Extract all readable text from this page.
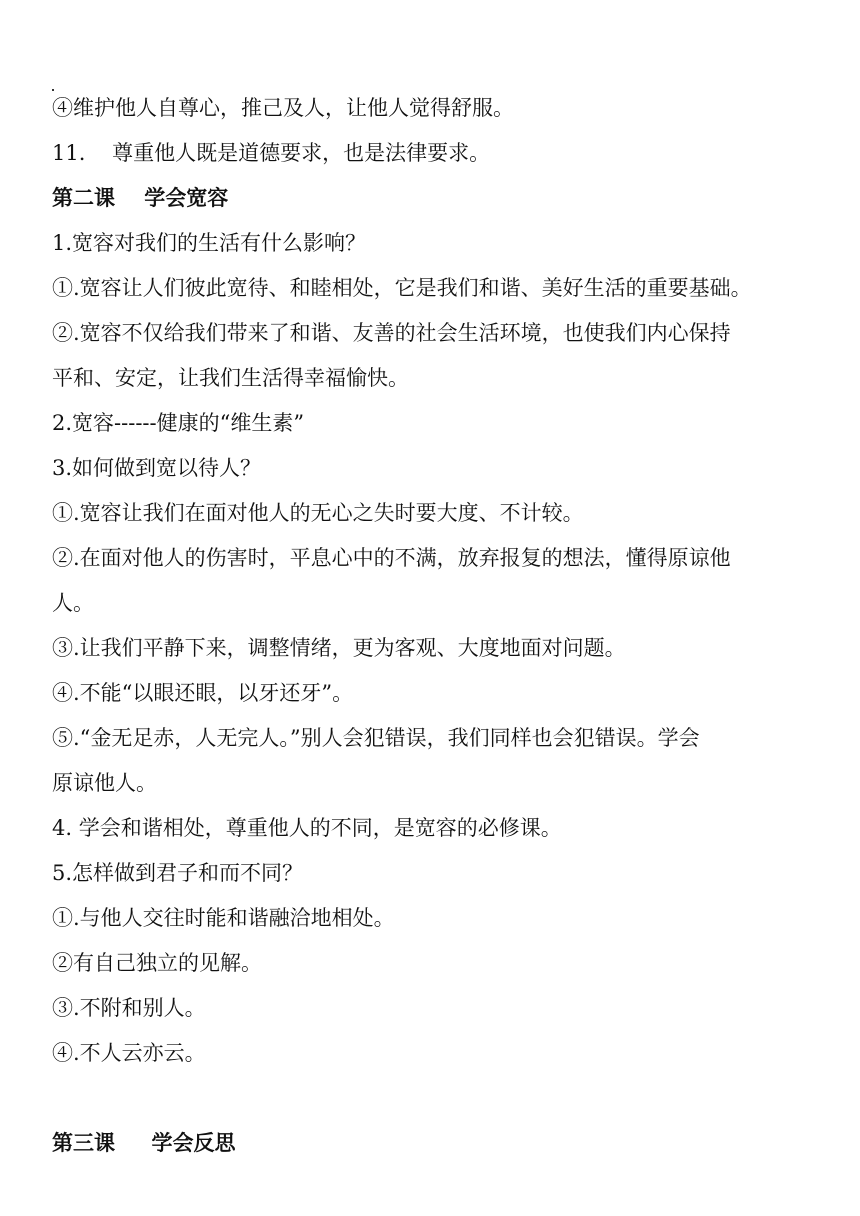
④维护他人自尊心，推己及人，让他人觉得舒服。
11.    尊重他人既是道德要求，也是法律要求。
第二课    学会宽容
1.宽容对我们的生活有什么影响？
①.宽容让人们彼此宽待、和睦相处，它是我们和谐、美好生活的重要基础。
②.宽容不仅给我们带来了和谐、友善的社会生活环境，也使我们内心保持
平和、安定，让我们生活得幸福愉快。
2.宽容------健康的“维生素”
3.如何做到宽以待人？
①.宽容让我们在面对他人的无心之失时要大度、不计较。
②.在面对他人的伤害时，平息心中的不满，放弃报复的想法，懂得原谅他
人。
③.让我们平静下来，调整情绪，更为客观、大度地面对问题。
④.不能“以眼还眼，以牙还牙”。
⑤.“金无足赤，人无完人。”别人会犯错误，我们同样也会犯错误。学会
原谅他人。
4. 学会和谐相处，尊重他人的不同，是宽容的必修课。
5.怎样做到君子和而不同？
①.与他人交往时能和谐融洽地相处。
②有自己独立的见解。
③.不附和别人。
④.不人云亦云。
第三课     学会反思
